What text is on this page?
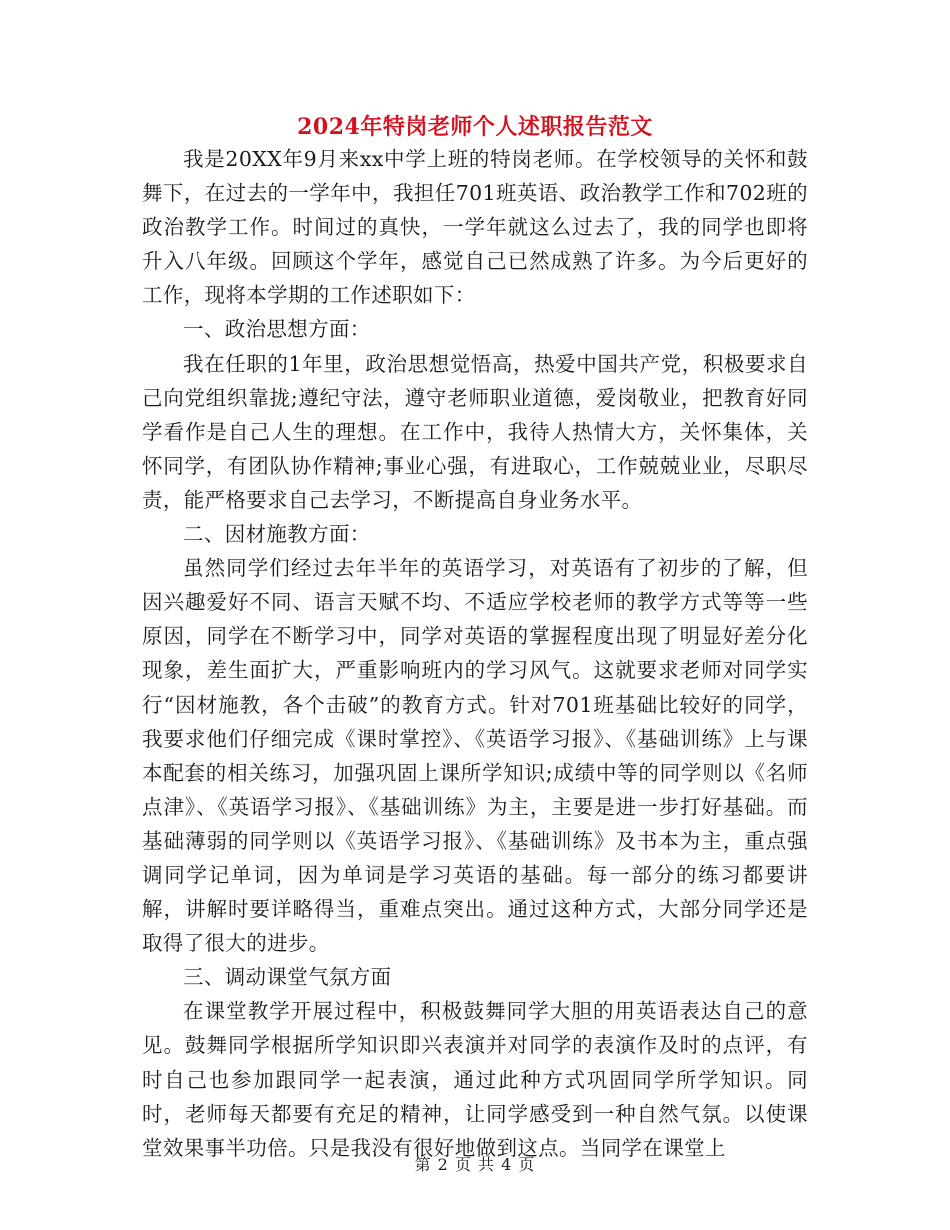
2024年特岗老师个人述职报告范文

我是20XX年9月来xx中学上班的特岗老师。在学校领导的关怀和鼓舞下，在过去的一学年中，我担任701班英语、政治教学工作和702班的政治教学工作。时间过的真快，一学年就这么过去了，我的同学也即将升入八年级。回顾这个学年，感觉自己已然成熟了许多。为今后更好的工作，现将本学期的工作述职如下：

一、政治思想方面：

我在任职的1年里，政治思想觉悟高，热爱中国共产党，积极要求自己向党组织靠拢;遵纪守法，遵守老师职业道德，爱岗敬业，把教育好同学看作是自己人生的理想。在工作中，我待人热情大方，关怀集体，关怀同学，有团队协作精神;事业心强，有进取心，工作兢兢业业，尽职尽责，能严格要求自己去学习，不断提高自身业务水平。

二、因材施教方面：

虽然同学们经过去年半年的英语学习，对英语有了初步的了解，但因兴趣爱好不同、语言天赋不均、不适应学校老师的教学方式等等一些原因，同学在不断学习中，同学对英语的掌握程度出现了明显好差分化现象，差生面扩大，严重影响班内的学习风气。这就要求老师对同学实行“因材施教，各个击破”的教育方式。针对701班基础比较好的同学，我要求他们仔细完成《课时掌控》、《英语学习报》、《基础训练》上与课本配套的相关练习，加强巩固上课所学知识;成绩中等的同学则以《名师点津》、《英语学习报》、《基础训练》为主，主要是进一步打好基础。而基础薄弱的同学则以《英语学习报》、《基础训练》及书本为主，重点强调同学记单词，因为单词是学习英语的基础。每一部分的练习都要讲解，讲解时要详略得当，重难点突出。通过这种方式，大部分同学还是取得了很大的进步。

三、调动课堂气氛方面

在课堂教学开展过程中，积极鼓舞同学大胆的用英语表达自己的意见。鼓舞同学根据所学知识即兴表演并对同学的表演作及时的点评，有时自己也参加跟同学一起表演，通过此种方式巩固同学所学知识。同时，老师每天都要有充足的精神，让同学感受到一种自然气氛。以使课堂效果事半功倍。只是我没有很好地做到这点。当同学在课堂上

第 2 页 共 4 页
